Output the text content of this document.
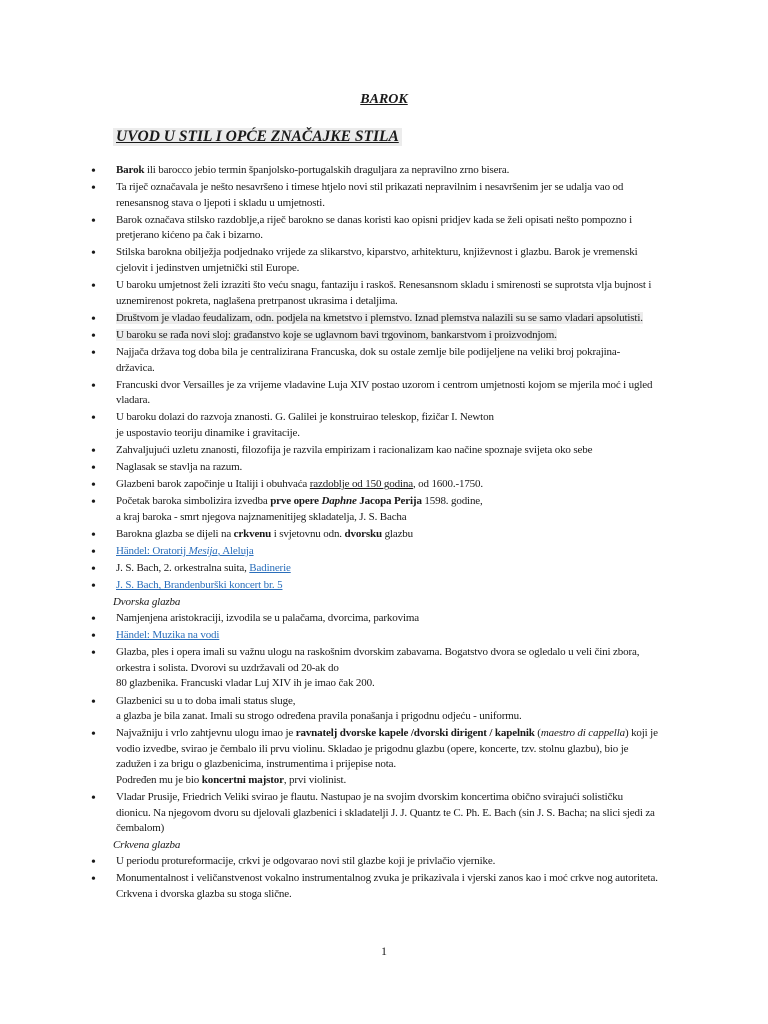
BAROK
UVOD U STIL I OPĆE ZNAČAJKE STILA
• Barok ili barocco jebio termin španjolsko-portugalskih draguljara za nepravilno zrno bisera.
• Ta riječ označavala je nešto nesavršeno i timese htjelo novi stil prikazati nepravilnim i nesavršenim jer se udalja vao od renesansnog stava o ljepoti i skladu u umjetnosti.
• Barok označava stilsko razdoblje,a riječ barokno se danas koristi kao opisni pridjev kada se želi opisati nešto pompozno i pretjerano kićeno pa čak i bizarno.
• Stilska barokna obilježja podjednako vrijede za slikarstvo, kiparstvo, arhitekturu, književnost i glazbu. Barok je vremenski cjelovit i jedinstven umjetnički stil Europe.
• U baroku umjetnost želi izraziti što veću snagu, fantaziju i raskoš. Renesansnom skladu i smirenosti se suprotsta vlja bujnost i uznemirenost pokreta, naglašena pretrpanost ukrasima i detaljima.
• Društvom je vladao feudalizam, odn. podjela na kmetstvo i plemstvo. Iznad plemstva nalazili su se samo vladari apsolutisti.
• U baroku se rađa novi sloj: građanstvo koje se uglavnom bavi trgovinom, bankarstvom i proizvodnjom.
• Najjača država tog doba bila je centralizirana Francuska, dok su ostale zemlje bile podijeljene na veliki broj pokrajina-državica.
• Francuski dvor Versailles je za vrijeme vladavine Luja XIV postao uzorom i centrom umjetnosti kojom se mjerila moć i ugled vladara.
• U baroku dolazi do razvoja znanosti. G. Galilei je konstruirao teleskop, fizičar I. Newton
je uspostavio teoriju dinamike i gravitacije.
• Zahvaljujući uzletu znanosti, filozofija je razvila empirizam i racionalizam kao načine spoznaje svijeta oko sebe
• Naglasak se stavlja na razum.
• Glazbeni barok započinje u Italiji i obuhvaća razdoblje od 150 godina, od 1600.-1750.
• Početak baroka simbolizira izvedba prve opere Daphne Jacopa Perija 1598. godine,
a kraj baroka - smrt njegova najznamenitijeg skladatelja, J. S. Bacha
• Barokna glazba se dijeli na crkvenu i svjetovnu odn. dvorsku glazbu
• Händel: Oratorij Mesija, Aleluja
• J. S. Bach, 2. orkestralna suita, Badinerie
• J. S. Bach, Brandenburški koncert br. 5

Dvorska glazba

• Namjenjena aristokraciji, izvodila se u palačama, dvorcima, parkovima
• Händel: Muzika na vodi
• Glazba, ples i opera imali su važnu ulogu na raskošnim dvorskim zabavama. Bogatstvo dvora se ogledalo u veli čini zbora, orkestra i solista. Dvorovi su uzdržavali od 20-ak do
80 glazbenika. Francuski vladar Luj XIV ih je imao čak 200.
• Glazbenici su u to doba imali status sluge,
a glazba je bila zanat. Imali su strogo određena pravila ponašanja i prigodnu odjeću - uniformu.
• Najvažniju i vrlo zahtjevnu ulogu imao je ravnatelj dvorske kapele /dvorski dirigent / kapelnik (maestro di cappella) koji je vodio izvedbe, svirao je čembalo ili prvu violinu. Skladao je prigodnu glazbu (opere, koncerte, tzv. stolnu glazbu), bio je zadužen i za brigu o glazbenicima, instrumentima i prijepise nota.
Podređen mu je bio koncertni majstor, prvi violinist.
• Vladar Prusije, Friedrich Veliki svirao je flautu. Nastupao je na svojim dvorskim koncertima obično svirajući solističku dionicu. Na njegovom dvoru su djelovali glazbenici i skladatelji J. J. Quantz te C. Ph. E. Bach (sin J. S. Bacha; na slici sjedi za čembalom)

Crkvena glazba

• U periodu protureformacije, crkvi je odgovarao novi stil glazbe koji je privlačio vjernike.
• Monumentalnost i veličanstvenost vokalno instrumentalnog zvuka je prikazivala i vjerski zanos kao i moć crkve nog autoriteta. Crkvena i dvorska glazba su stoga slične.
1
